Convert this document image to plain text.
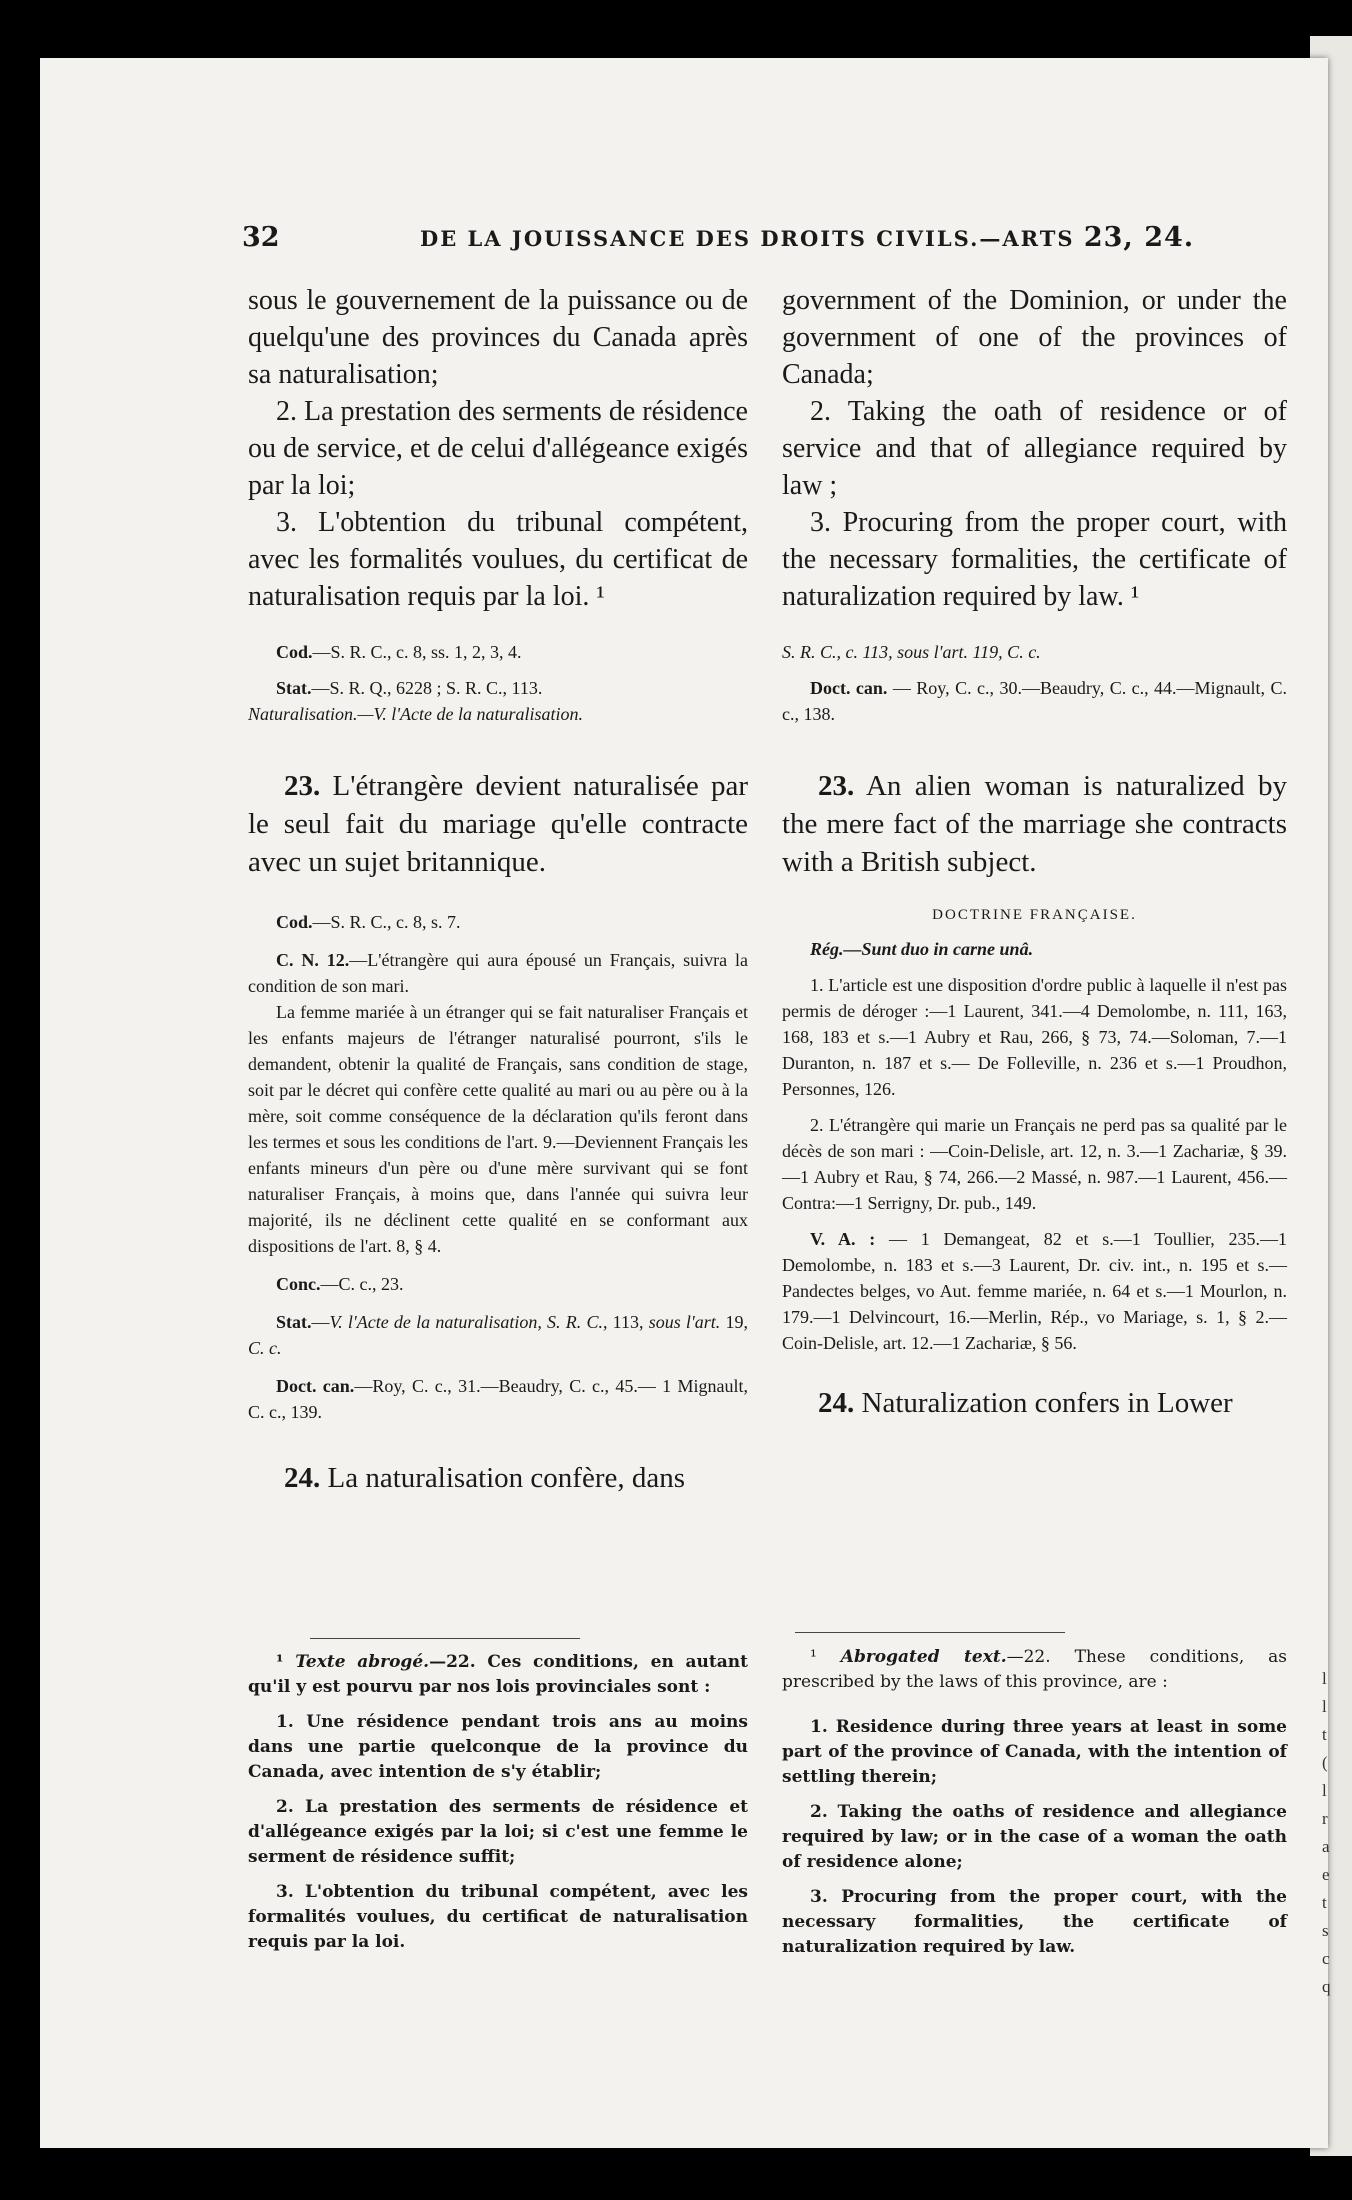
l
l
t
(
l
r
a
e
t
s
c
q
32	DE LA JOUISSANCE DES DROITS CIVILS.—ARTS 23, 24.

sous le gouvernement de la puissance ou de quelqu'une des provinces du Canada après sa naturalisation;

2. La prestation des serments de résidence ou de service, et de celui d'allégeance exigés par la loi;

3. L'obtention du tribunal compétent, avec les formalités voulues, du certificat de naturalisation requis par la loi. ¹

Cod.—S. R. C., c. 8, ss. 1, 2, 3, 4.

Stat.—S. R. Q., 6228 ; S. R. C., 113.

Naturalisation.—V. l'Acte de la naturalisation.

23. L'étrangère devient naturalisée par le seul fait du mariage qu'elle contracte avec un sujet britannique.

Cod.—S. R. C., c. 8, s. 7.

C. N. 12.—L'étrangère qui aura épousé un Français, suivra la condition de son mari.

La femme mariée à un étranger qui se fait naturaliser Français et les enfants majeurs de l'étranger naturalisé pourront, s'ils le demandent, obtenir la qualité de Français, sans condition de stage, soit par le décret qui confère cette qualité au mari ou au père ou à la mère, soit comme conséquence de la déclaration qu'ils feront dans les termes et sous les conditions de l'art. 9.—Deviennent Français les enfants mineurs d'un père ou d'une mère survivant qui se font naturaliser Français, à moins que, dans l'année qui suivra leur majorité, ils ne déclinent cette qualité en se conformant aux dispositions de l'art. 8, § 4.

Conc.—C. c., 23.

Stat.—V. l'Acte de la naturalisation, S. R. C., 113, sous l'art. 19, C. c.

Doct. can.—Roy, C. c., 31.—Beaudry, C. c., 45.— 1 Mignault, C. c., 139.

24. La naturalisation confère, dans

¹ Texte abrogé.—22. Ces conditions, en autant qu'il y est pourvu par nos lois provinciales sont :

1. Une résidence pendant trois ans au moins dans une partie quelconque de la province du Canada, avec intention de s'y établir;

2. La prestation des serments de résidence et d'allégeance exigés par la loi; si c'est une femme le serment de résidence suffit;

3. L'obtention du tribunal compétent, avec les formalités voulues, du certificat de naturalisation requis par la loi.

government of the Dominion, or under the government of one of the provinces of Canada;

2. Taking the oath of residence or of service and that of allegiance required by law ;

3. Procuring from the proper court, with the necessary formalities, the certificate of naturalization required by law. ¹

S. R. C., c. 113, sous l'art. 119, C. c.

Doct. can. — Roy, C. c., 30.—Beaudry, C. c., 44.—Mignault, C. c., 138.

23. An alien woman is naturalized by the mere fact of the marriage she contracts with a British subject.

DOCTRINE FRANÇAISE.

Rég.—Sunt duo in carne unâ.

1. L'article est une disposition d'ordre public à laquelle il n'est pas permis de déroger :—1 Laurent, 341.—4 Demolombe, n. 111, 163, 168, 183 et s.—1 Aubry et Rau, 266, § 73, 74.—Soloman, 7.—1 Duranton, n. 187 et s.— De Folleville, n. 236 et s.—1 Proudhon, Personnes, 126.

2. L'étrangère qui marie un Français ne perd pas sa qualité par le décès de son mari : —Coin-Delisle, art. 12, n. 3.—1 Zachariæ, § 39.—1 Aubry et Rau, § 74, 266.—2 Massé, n. 987.—1 Laurent, 456.—Contra:—1 Serrigny, Dr. pub., 149.

V. A. : — 1 Demangeat, 82 et s.—1 Toullier, 235.—1 Demolombe, n. 183 et s.—3 Laurent, Dr. civ. int., n. 195 et s.—Pandectes belges, vo Aut. femme mariée, n. 64 et s.—1 Mourlon, n. 179.—1 Delvincourt, 16.—Merlin, Rép., vo Mariage, s. 1, § 2.—Coin-Delisle, art. 12.—1 Zachariæ, § 56.

24. Naturalization confers in Lower

¹ Abrogated text.—22. These conditions, as prescribed by the laws of this province, are :

1. Residence during three years at least in some part of the province of Canada, with the intention of settling therein;

2. Taking the oaths of residence and allegiance required by law; or in the case of a woman the oath of residence alone;

3. Procuring from the proper court, with the necessary formalities, the certificate of naturalization required by law.
